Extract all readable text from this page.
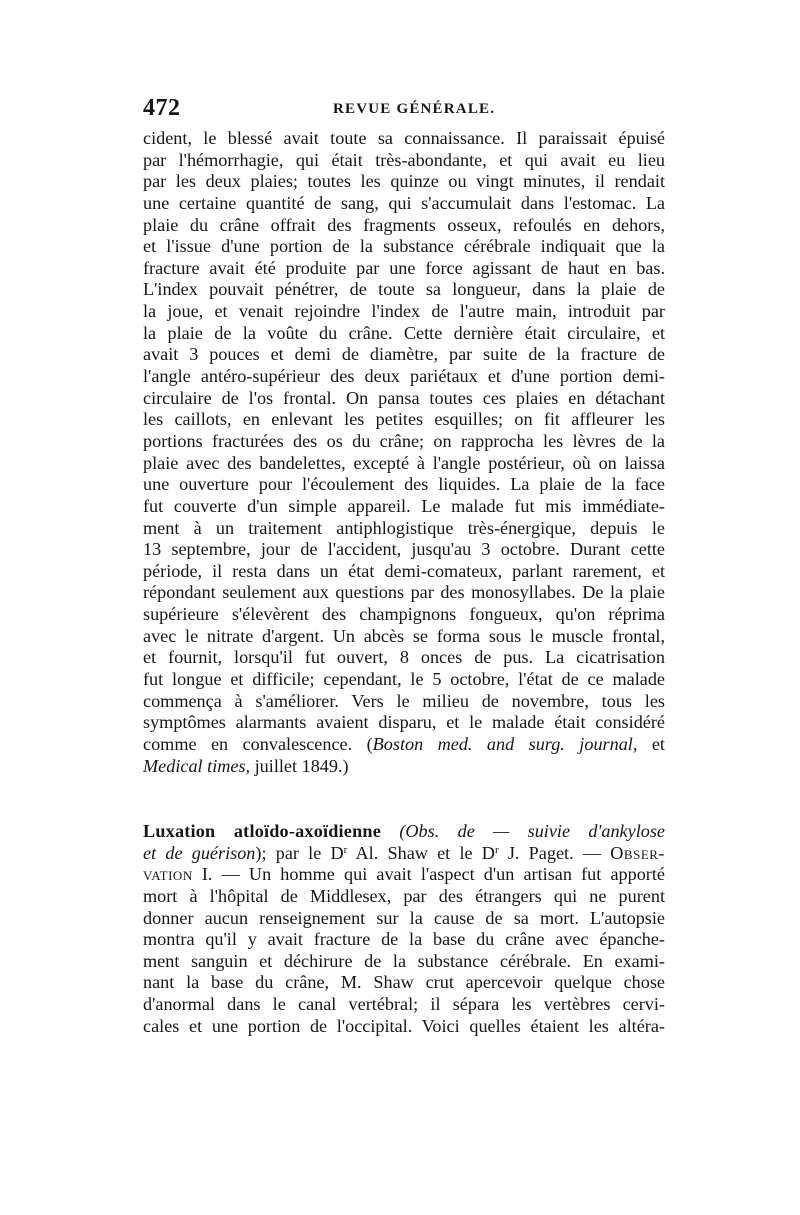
472	REVUE GÉNÉRALE.
cident, le blessé avait toute sa connaissance. Il paraissait épuisé
par l'hémorrhagie, qui était très-abondante, et qui avait eu lieu
par les deux plaies; toutes les quinze ou vingt minutes, il rendait
une certaine quantité de sang, qui s'accumulait dans l'estomac. La
plaie du crâne offrait des fragments osseux, refoulés en dehors,
et l'issue d'une portion de la substance cérébrale indiquait que la
fracture avait été produite par une force agissant de haut en bas.
L'index pouvait pénétrer, de toute sa longueur, dans la plaie de
la joue, et venait rejoindre l'index de l'autre main, introduit par
la plaie de la voûte du crâne. Cette dernière était circulaire, et
avait 3 pouces et demi de diamètre, par suite de la fracture de
l'angle antéro-supérieur des deux pariétaux et d'une portion demi-
circulaire de l'os frontal. On pansa toutes ces plaies en détachant
les caillots, en enlevant les petites esquilles; on fit affleurer les
portions fracturées des os du crâne; on rapprocha les lèvres de la
plaie avec des bandelettes, excepté à l'angle postérieur, où on laissa
une ouverture pour l'écoulement des liquides. La plaie de la face
fut couverte d'un simple appareil. Le malade fut mis immédiate-
ment à un traitement antiphlogistique très-énergique, depuis le
13 septembre, jour de l'accident, jusqu'au 3 octobre. Durant cette
période, il resta dans un état demi-comateux, parlant rarement, et
répondant seulement aux questions par des monosyllabes. De la plaie
supérieure s'élevèrent des champignons fongueux, qu'on réprima
avec le nitrate d'argent. Un abcès se forma sous le muscle frontal,
et fournit, lorsqu'il fut ouvert, 8 onces de pus. La cicatrisation
fut longue et difficile; cependant, le 5 octobre, l'état de ce malade
commença à s'améliorer. Vers le milieu de novembre, tous les
symptômes alarmants avaient disparu, et le malade était considéré
comme en convalescence. (Boston med. and surg. journal, et
Medical times, juillet 1849.)
Luxation atloïdo-axoïdienne (Obs. de — suivie d'ankylose
et de guérison); par le $D^r$ Al. Shaw et le $D^r$ J. Paget. — Obser-
vation I. — Un homme qui avait l'aspect d'un artisan fut apporté
mort à l'hôpital de Middlesex, par des étrangers qui ne purent
donner aucun renseignement sur la cause de sa mort. L'autopsie
montra qu'il y avait fracture de la base du crâne avec épanche-
ment sanguin et déchirure de la substance cérébrale. En exami-
nant la base du crâne, M. Shaw crut apercevoir quelque chose
d'anormal dans le canal vertébral; il sépara les vertèbres cervi-
cales et une portion de l'occipital. Voici quelles étaient les altéra-
